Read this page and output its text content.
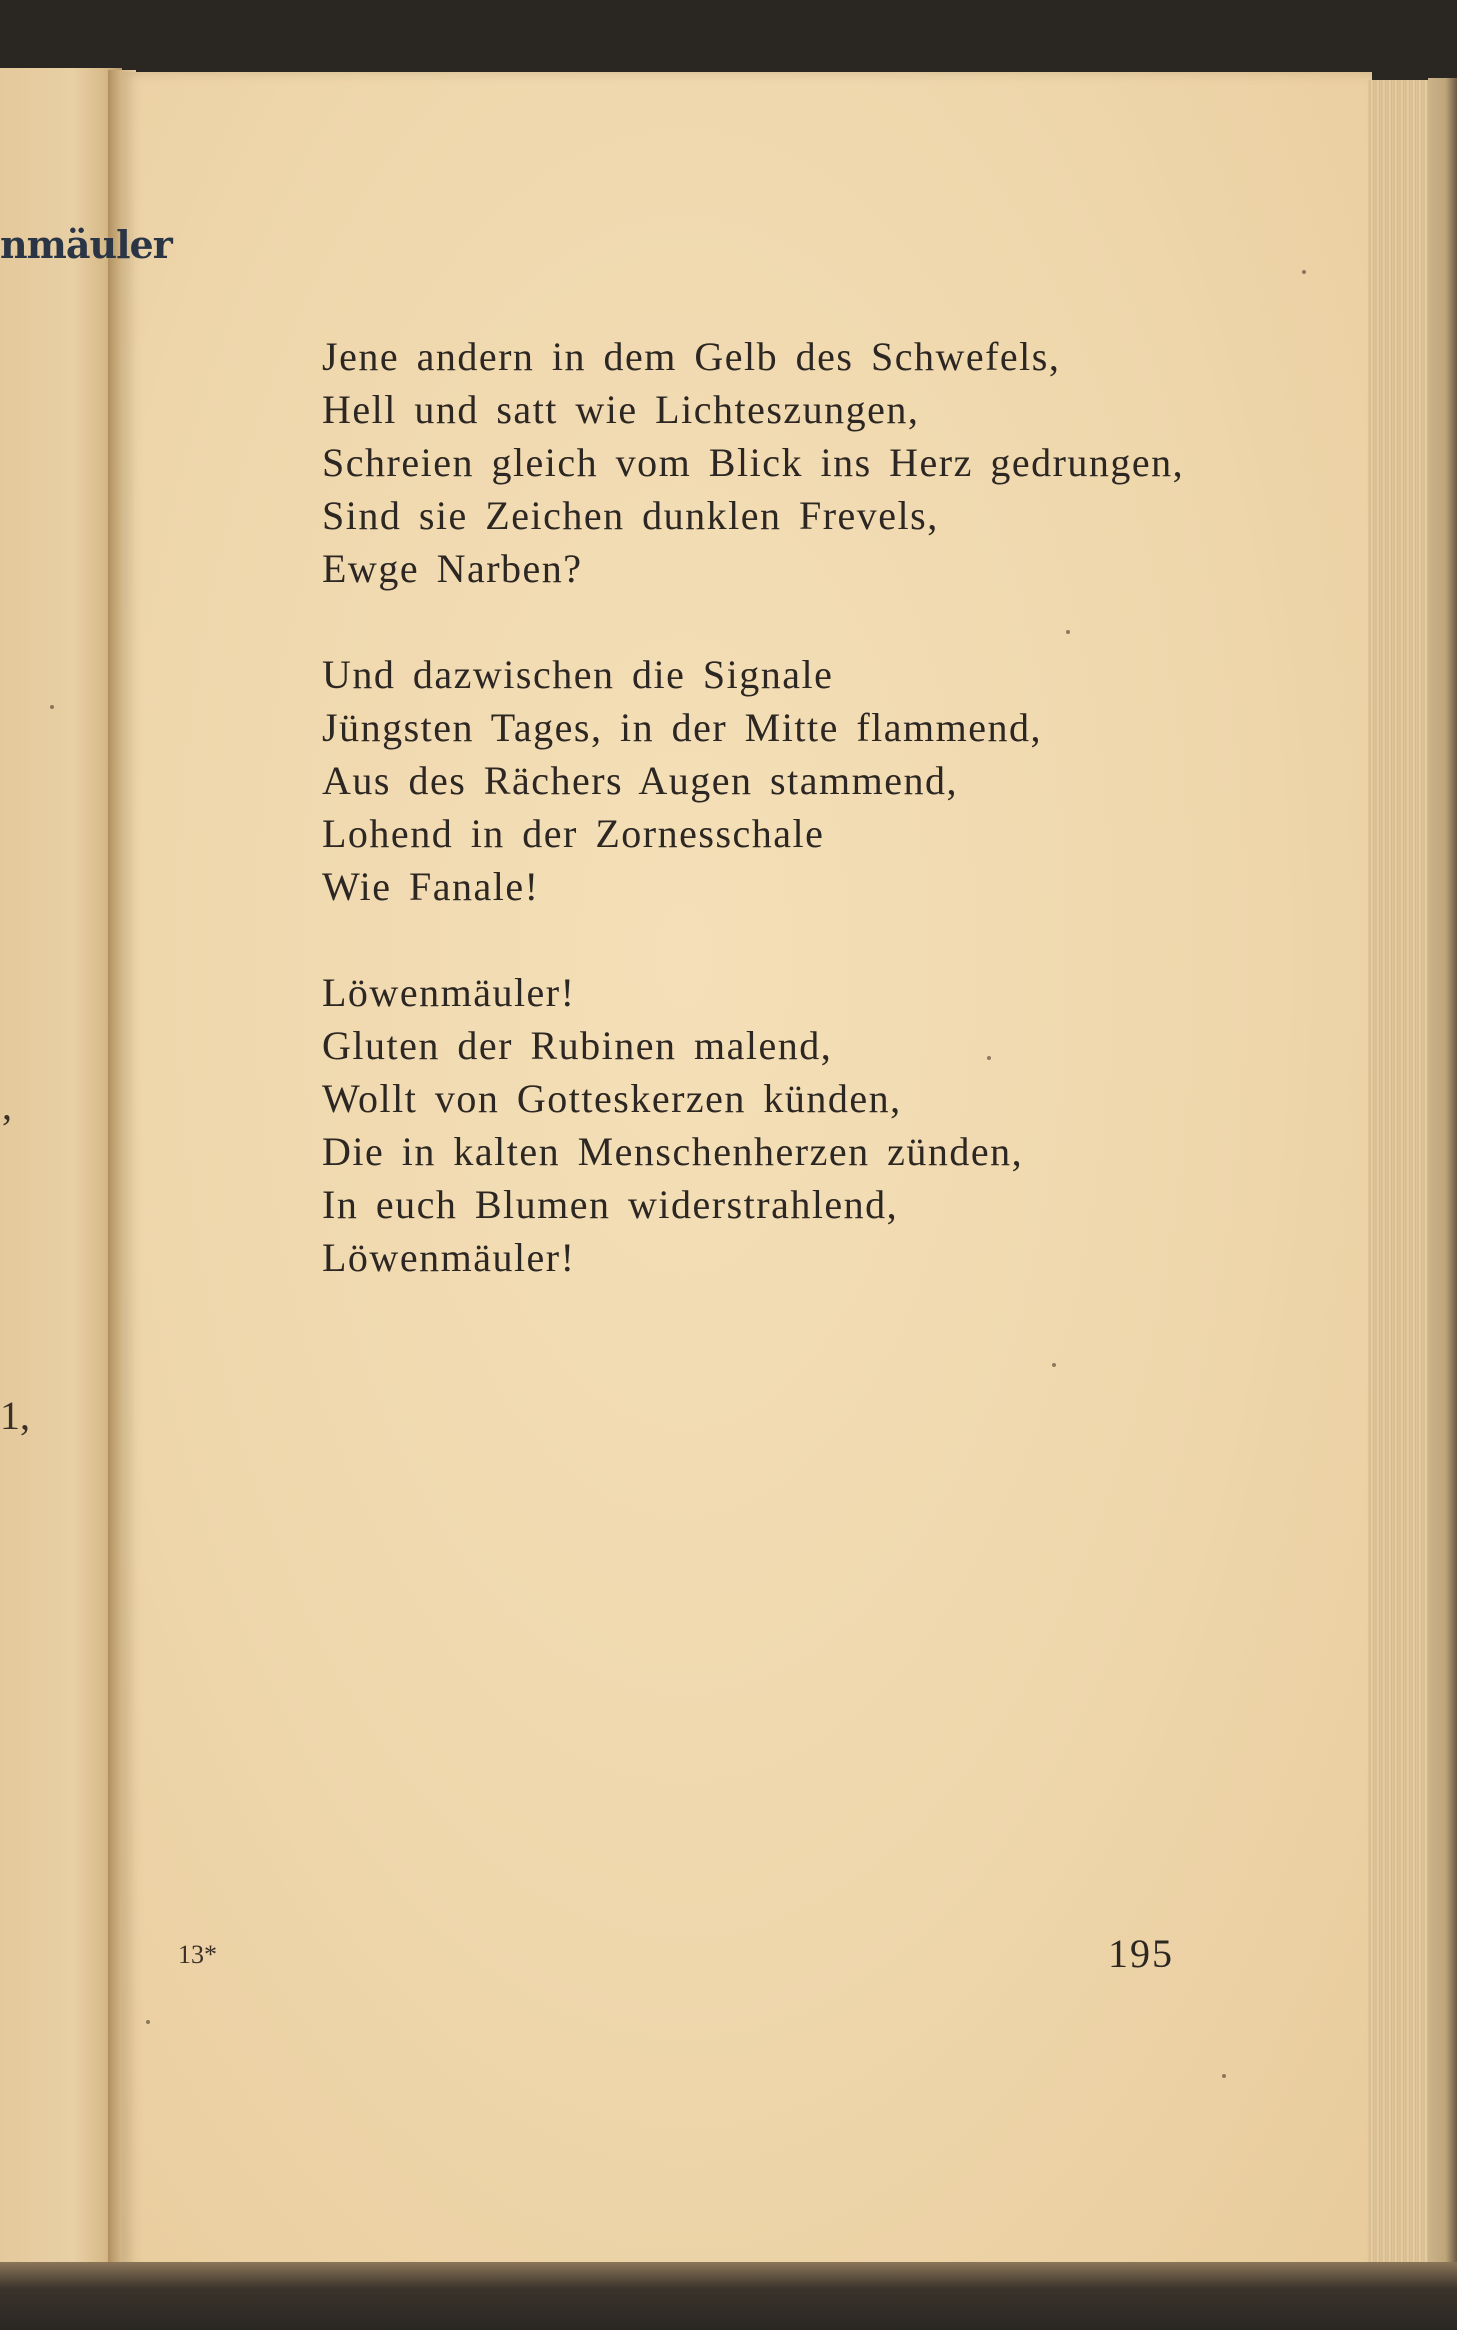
nmäuler
,
1,
Jene andern in dem Gelb des Schwefels,
Hell und satt wie Lichteszungen,
Schreien gleich vom Blick ins Herz gedrungen,
Sind sie Zeichen dunklen Frevels,
Ewge Narben?
Und dazwischen die Signale
Jüngsten Tages, in der Mitte flammend,
Aus des Rächers Augen stammend,
Lohend in der Zornesschale
Wie Fanale!
Löwenmäuler!
Gluten der Rubinen malend,
Wollt von Gotteskerzen künden,
Die in kalten Menschenherzen zünden,
In euch Blumen widerstrahlend,
Löwenmäuler!
13*	195
